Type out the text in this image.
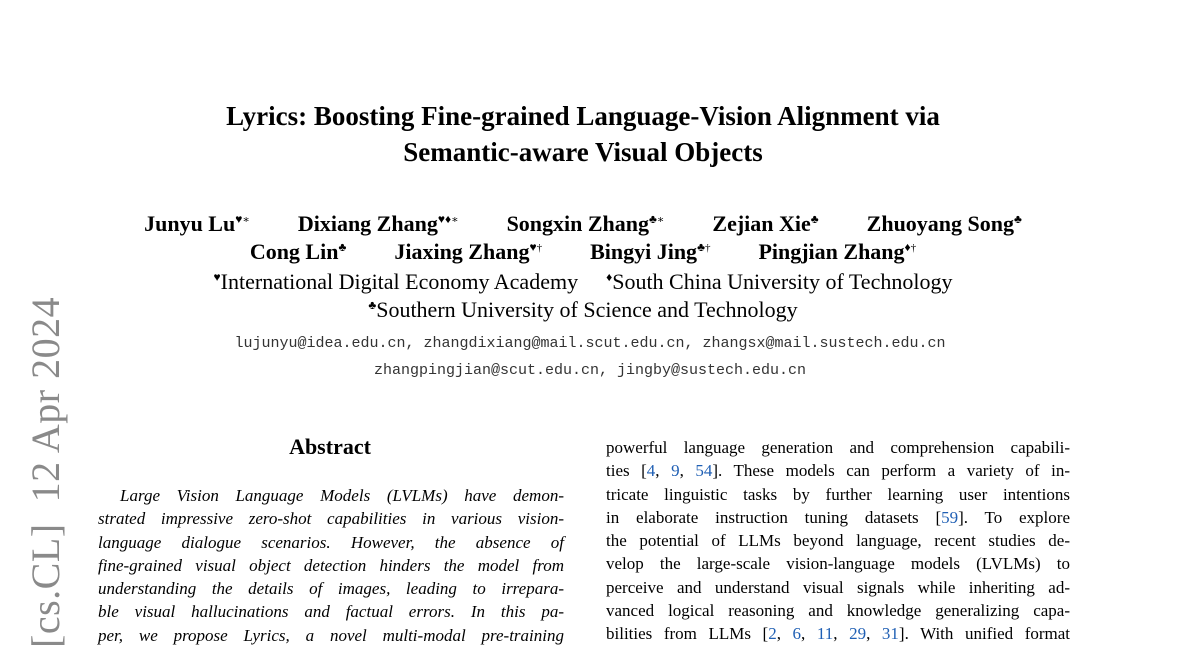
[cs.CL]  12 Apr 2024
Lyrics: Boosting Fine-grained Language-Vision Alignment via
Semantic-aware Visual Objects
Junyu Lu♥∗ Dixiang Zhang♥♦∗ Songxin Zhang♣∗ Zejian Xie♣ Zhuoyang Song♣
Cong Lin♣ Jiaxing Zhang♥† Bingyi Jing♣† Pingjian Zhang♦†
♥International Digital Economy Academy ♦South China University of Technology
♣Southern University of Science and Technology
lujunyu@idea.edu.cn, zhangdixiang@mail.scut.edu.cn, zhangsx@mail.sustech.edu.cn
zhangpingjian@scut.edu.cn, jingby@sustech.edu.cn
Abstract
Large Vision Language Models (LVLMs) have demon-
strated impressive zero-shot capabilities in various vision-
language dialogue scenarios. However, the absence of
fine-grained visual object detection hinders the model from
understanding the details of images, leading to irrepara-
ble visual hallucinations and factual errors. In this pa-
per, we propose Lyrics, a novel multi-modal pre-training
powerful language generation and comprehension capabili-
ties [4, 9, 54]. These models can perform a variety of in-
tricate linguistic tasks by further learning user intentions
in elaborate instruction tuning datasets [59]. To explore
the potential of LLMs beyond language, recent studies de-
velop the large-scale vision-language models (LVLMs) to
perceive and understand visual signals while inheriting ad-
vanced logical reasoning and knowledge generalizing capa-
bilities from LLMs [2, 6, 11, 29, 31]. With unified format
